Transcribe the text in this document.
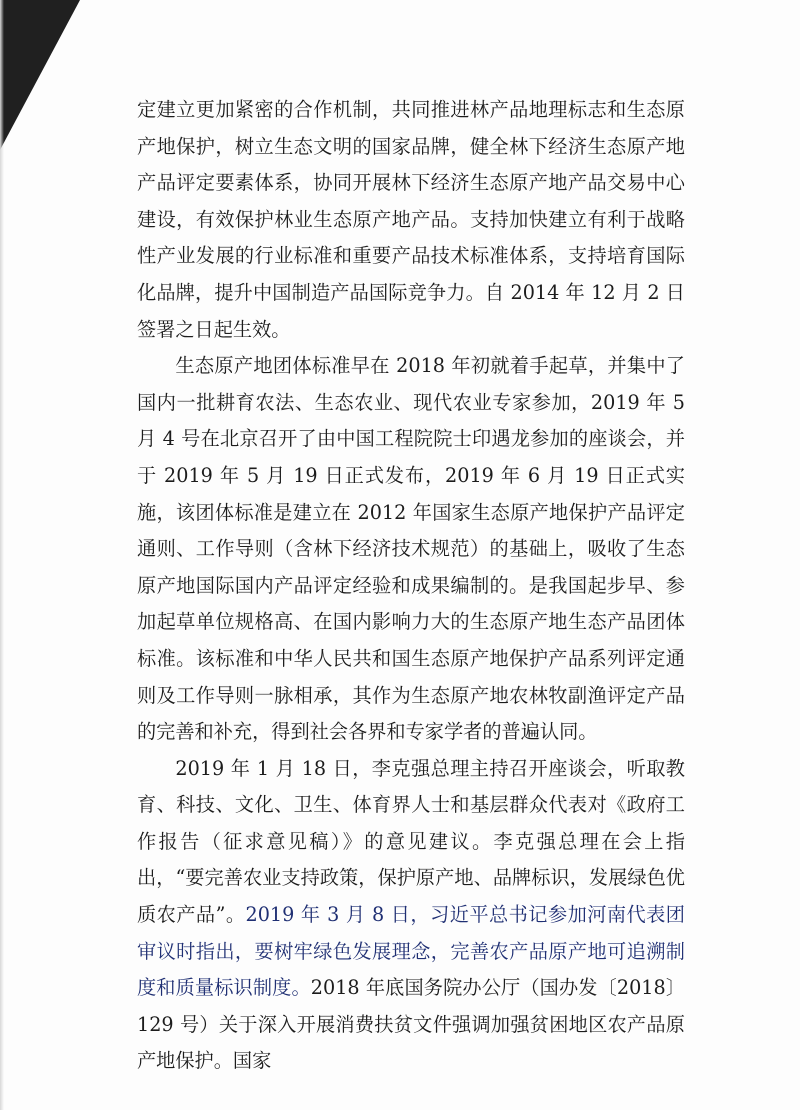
定建立更加紧密的合作机制，共同推进林产品地理标志和生态原产地保护，树立生态文明的国家品牌，健全林下经济生态原产地产品评定要素体系，协同开展林下经济生态原产地产品交易中心建设，有效保护林业生态原产地产品。支持加快建立有利于战略性产业发展的行业标准和重要产品技术标准体系，支持培育国际化品牌，提升中国制造产品国际竞争力。自 2014 年 12 月 2 日签署之日起生效。

生态原产地团体标准早在 2018 年初就着手起草，并集中了国内一批耕育农法、生态农业、现代农业专家参加，2019 年 5 月 4 号在北京召开了由中国工程院院士印遇龙参加的座谈会，并于 2019 年 5 月 19 日正式发布，2019 年 6 月 19 日正式实施，该团体标准是建立在 2012 年国家生态原产地保护产品评定通则、工作导则（含林下经济技术规范）的基础上，吸收了生态原产地国际国内产品评定经验和成果编制的。是我国起步早、参加起草单位规格高、在国内影响力大的生态原产地生态产品团体标准。该标准和中华人民共和国生态原产地保护产品系列评定通则及工作导则一脉相承，其作为生态原产地农林牧副渔评定产品的完善和补充，得到社会各界和专家学者的普遍认同。

2019 年 1 月 18 日，李克强总理主持召开座谈会，听取教育、科技、文化、卫生、体育界人士和基层群众代表对《政府工作报告（征求意见稿）》的意见建议。李克强总理在会上指出，“要完善农业支持政策，保护原产地、品牌标识，发展绿色优质农产品”。2019 年 3 月 8 日，习近平总书记参加河南代表团审议时指出，要树牢绿色发展理念，完善农产品原产地可追溯制度和质量标识制度。2018 年底国务院办公厅（国办发〔2018〕129 号）关于深入开展消费扶贫文件强调加强贫困地区农产品原产地保护。国家
